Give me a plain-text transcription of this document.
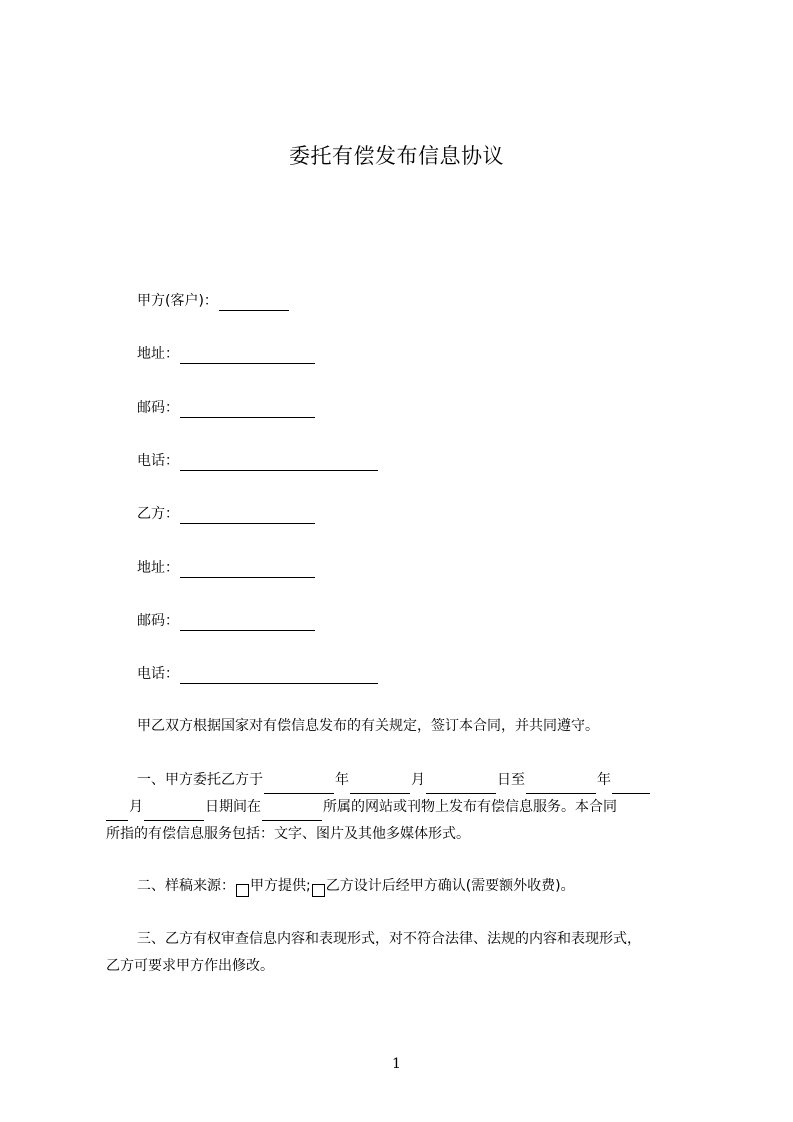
委托有偿发布信息协议
甲方(客户)：
地址：
邮码：
电话：
乙方：
地址：
邮码：
电话：
甲乙双方根据国家对有偿信息发布的有关规定，签订本合同，并共同遵守。
一、甲方委托乙方于	年	月	日至	年
月	日期间在	所属的网站或刊物上发布有偿信息服务。本合同
所指的有偿信息服务包括：文字、图片及其他多媒体形式。
二、样稿来源： 甲方提供; 乙方设计后经甲方确认(需要额外收费)。
三、乙方有权审查信息内容和表现形式，对不符合法律、法规的内容和表现形式，
乙方可要求甲方作出修改。
1
